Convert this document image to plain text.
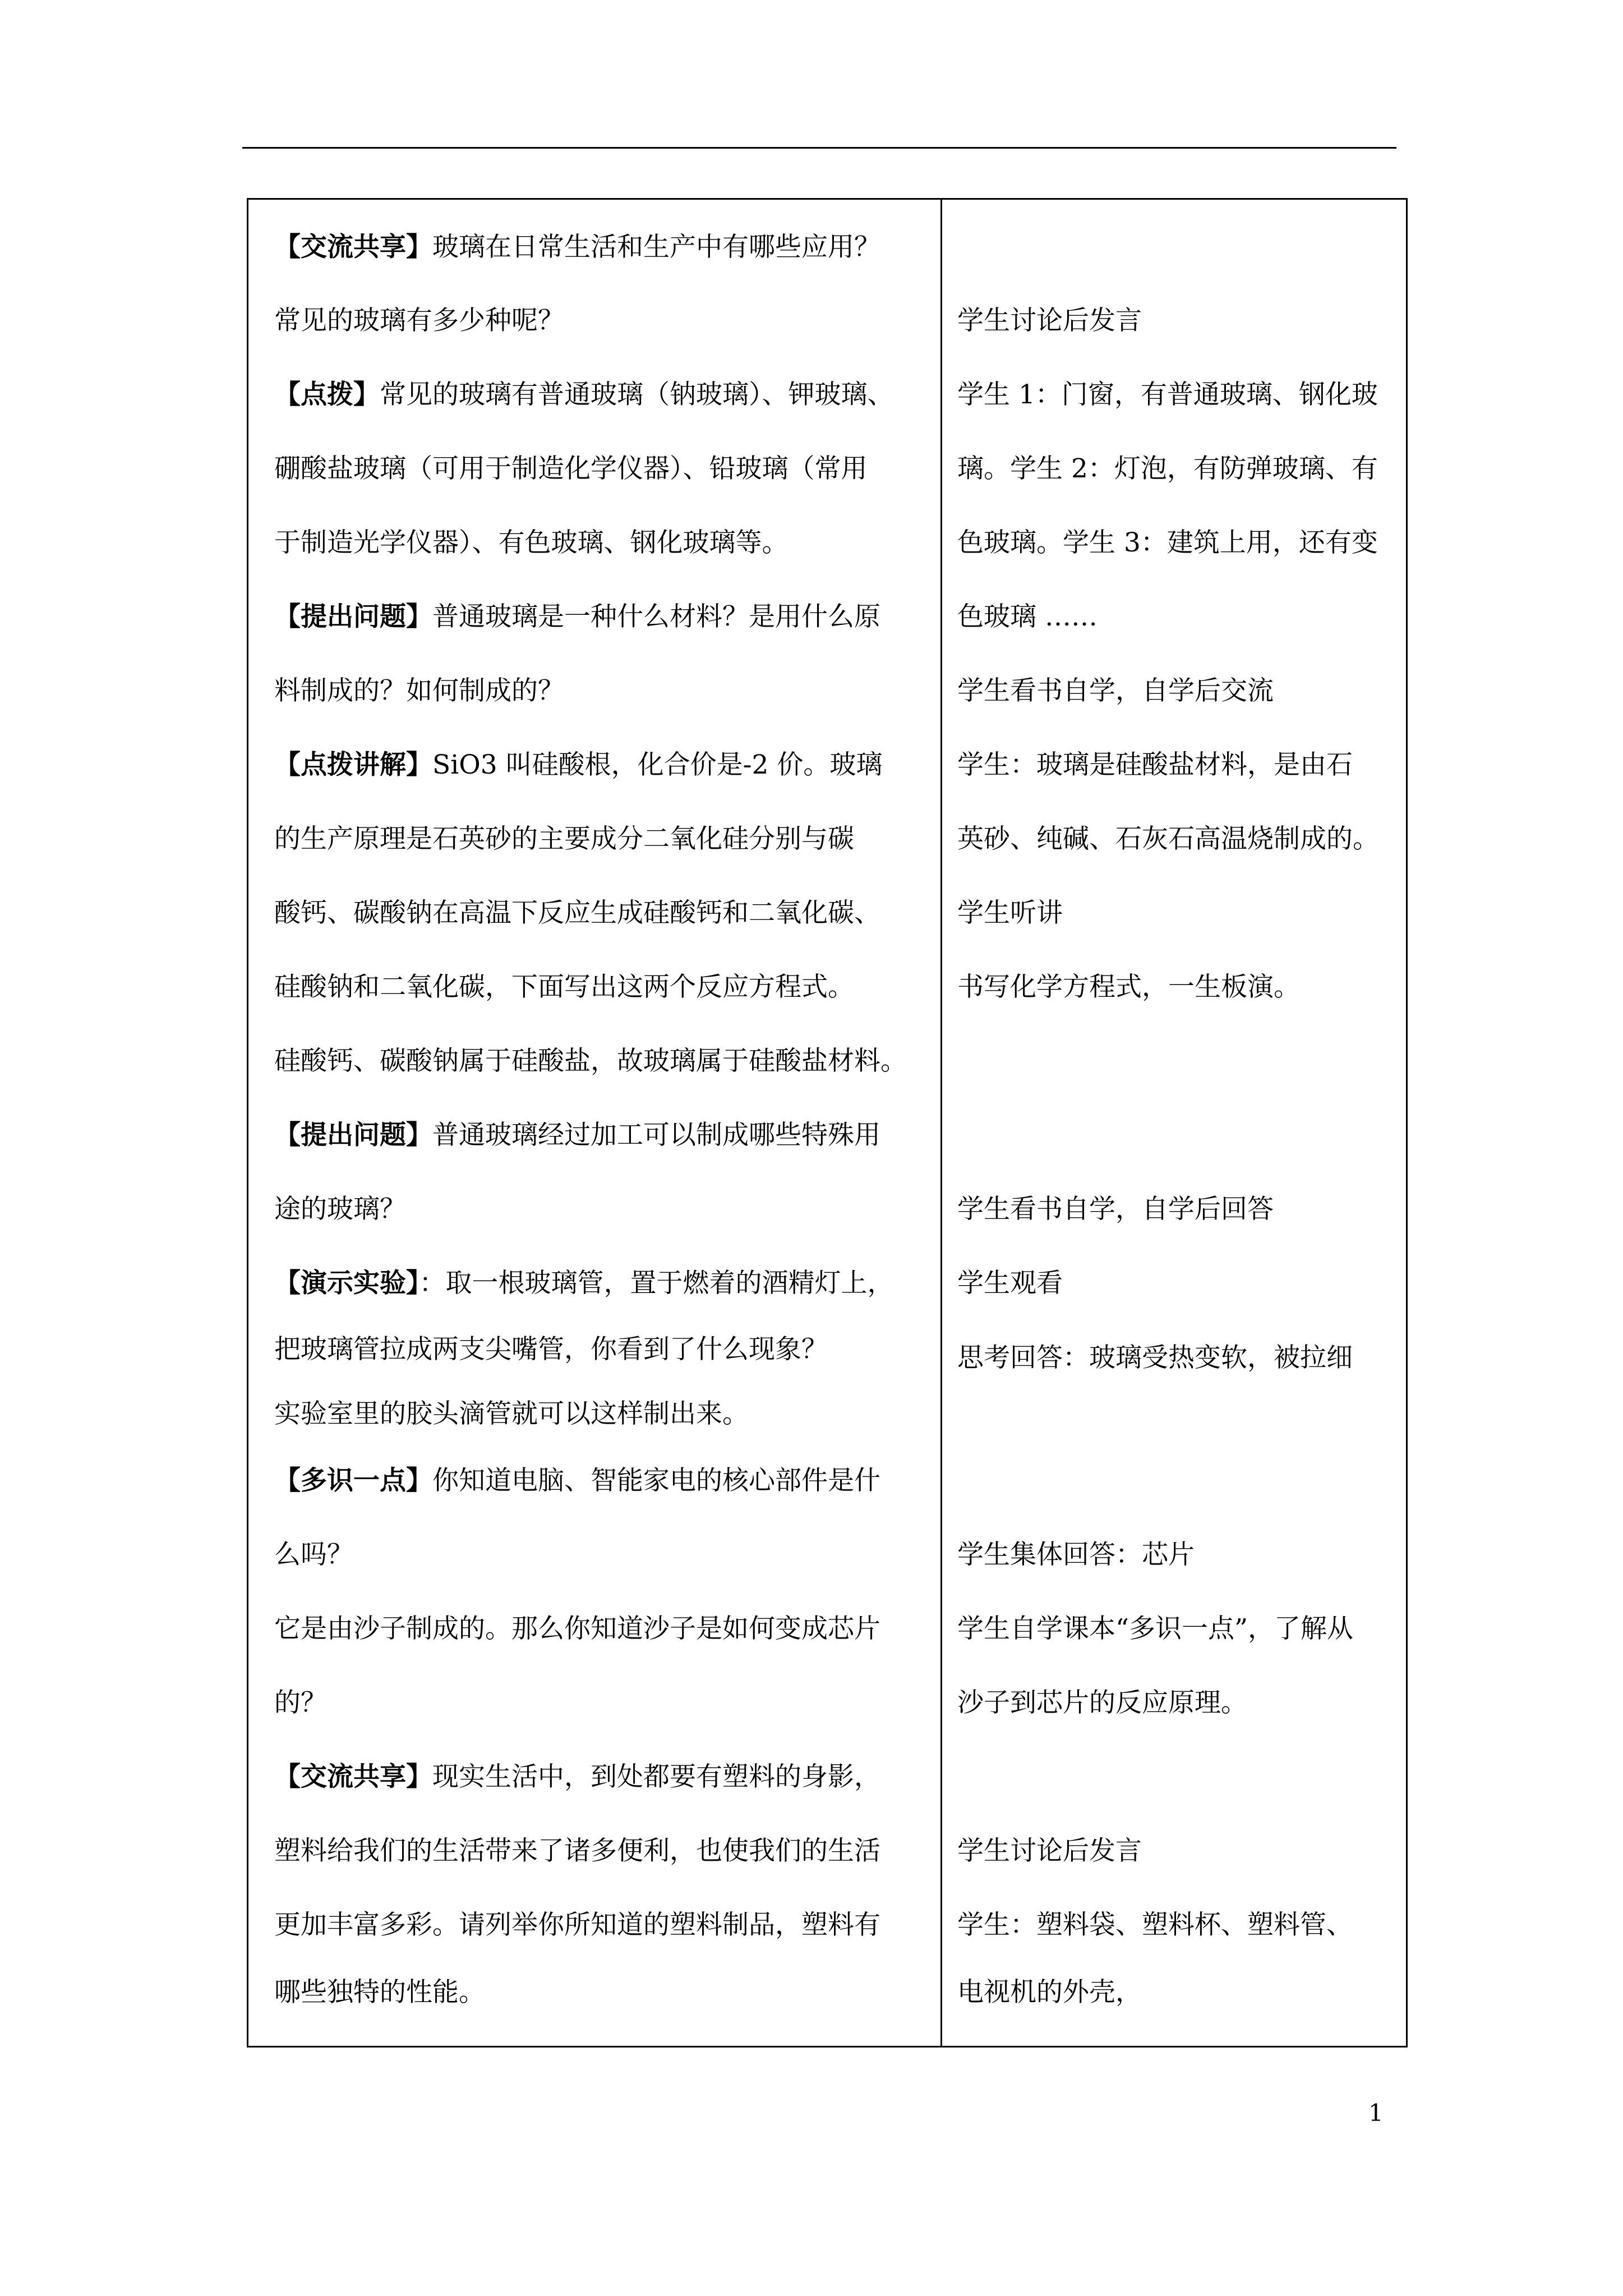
【交流共享】玻璃在日常生活和生产中有哪些应用？
常见的玻璃有多少种呢？
【点拨】常见的玻璃有普通玻璃（钠玻璃）、钾玻璃、
硼酸盐玻璃（可用于制造化学仪器）、铅玻璃（常用
于制造光学仪器）、有色玻璃、钢化玻璃等。
【提出问题】普通玻璃是一种什么材料？是用什么原
料制成的？如何制成的？
【点拨讲解】SiO3 叫硅酸根，化合价是-2 价。玻璃
的生产原理是石英砂的主要成分二氧化硅分别与碳
酸钙、碳酸钠在高温下反应生成硅酸钙和二氧化碳、
硅酸钠和二氧化碳，下面写出这两个反应方程式。
硅酸钙、碳酸钠属于硅酸盐，故玻璃属于硅酸盐材料。
【提出问题】普通玻璃经过加工可以制成哪些特殊用
途的玻璃？
【演示实验】：取一根玻璃管，置于燃着的酒精灯上，
把玻璃管拉成两支尖嘴管，你看到了什么现象？
实验室里的胶头滴管就可以这样制出来。
【多识一点】你知道电脑、智能家电的核心部件是什
么吗？
它是由沙子制成的。那么你知道沙子是如何变成芯片
的？
【交流共享】现实生活中，到处都要有塑料的身影，
塑料给我们的生活带来了诸多便利，也使我们的生活
更加丰富多彩。请列举你所知道的塑料制品，塑料有
哪些独特的性能。
学生讨论后发言
学生 1：门窗，有普通玻璃、钢化玻
璃。学生 2：灯泡，有防弹玻璃、有
色玻璃。学生 3：建筑上用，还有变
色玻璃 ……
学生看书自学，自学后交流
学生：玻璃是硅酸盐材料，是由石
英砂、纯碱、石灰石高温烧制成的。
学生听讲
书写化学方程式，一生板演。
学生看书自学，自学后回答
学生观看
思考回答：玻璃受热变软，被拉细
学生集体回答：芯片
学生自学课本“多识一点”，了解从
沙子到芯片的反应原理。
学生讨论后发言
学生：塑料袋、塑料杯、塑料管、
电视机的外壳，
1
